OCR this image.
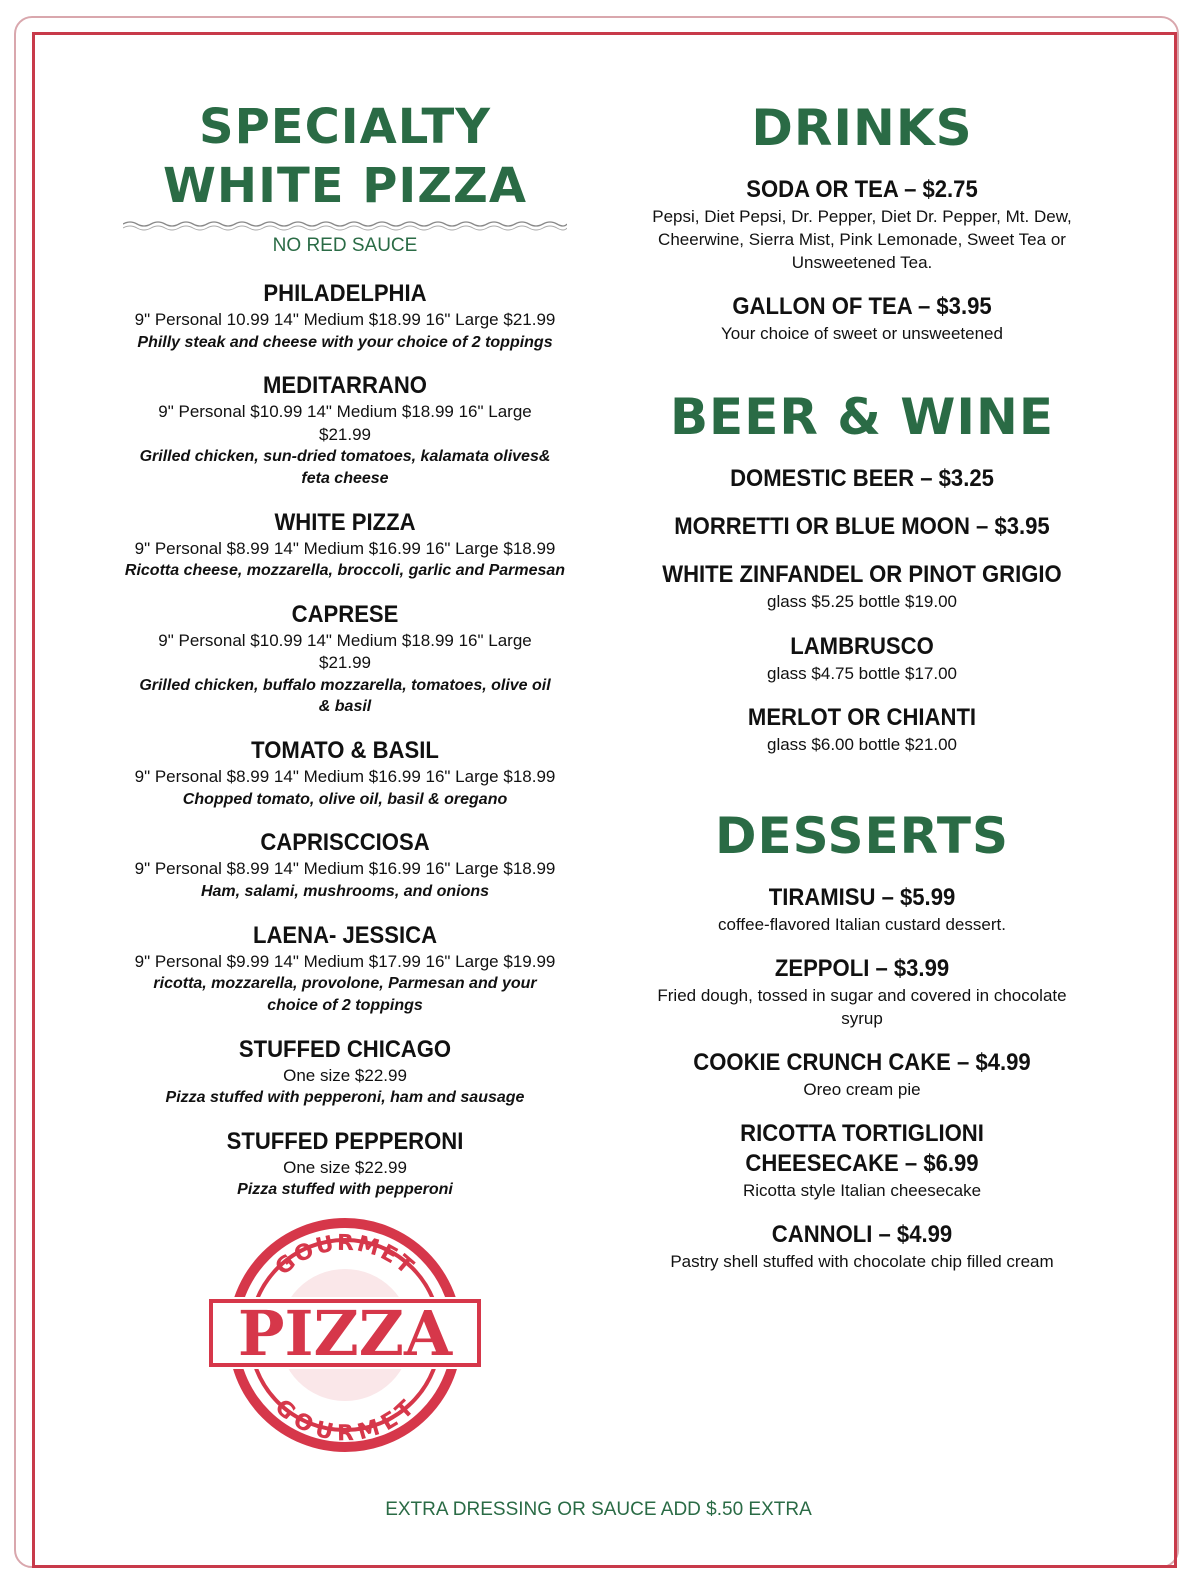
SPECIALTY
WHITE PIZZA

NO RED SAUCE

PHILADELPHIA

9" Personal 10.99 14" Medium $18.99 16" Large $21.99

Philly steak and cheese with your choice of 2 toppings

MEDITARRANO

9" Personal $10.99 14" Medium $18.99 16" Large $21.99

Grilled chicken, sun-dried tomatoes, kalamata olives& feta cheese

WHITE PIZZA

9" Personal $8.99 14" Medium $16.99 16" Large $18.99

Ricotta cheese, mozzarella, broccoli, garlic and Parmesan

CAPRESE

9" Personal $10.99 14" Medium $18.99 16" Large $21.99

Grilled chicken, buffalo mozzarella, tomatoes, olive oil & basil

TOMATO & BASIL

9" Personal $8.99 14" Medium $16.99 16" Large $18.99

Chopped tomato, olive oil, basil & oregano

CAPRISCCIOSA

9" Personal $8.99 14" Medium $16.99 16" Large $18.99

Ham, salami, mushrooms, and onions

LAENA- JESSICA

9" Personal $9.99 14" Medium $17.99 16" Large $19.99

ricotta, mozzarella, provolone, Parmesan and your choice of 2 toppings

STUFFED CHICAGO

One size $22.99

Pizza stuffed with pepperoni, ham and sausage

STUFFED PEPPERONI

One size $22.99

Pizza stuffed with pepperoni

GOURMET
GOURMET
PIZZA
DRINKS

SODA OR TEA – $2.75

Pepsi, Diet Pepsi, Dr. Pepper, Diet Dr. Pepper, Mt. Dew, Cheerwine, Sierra Mist, Pink Lemonade, Sweet Tea or Unsweetened Tea.

GALLON OF TEA – $3.95

Your choice of sweet or unsweetened

BEER & WINE

DOMESTIC BEER – $3.25

MORRETTI OR BLUE MOON – $3.95

WHITE ZINFANDEL OR PINOT GRIGIO

glass $5.25 bottle $19.00

LAMBRUSCO

glass $4.75 bottle $17.00

MERLOT OR CHIANTI

glass $6.00 bottle $21.00

DESSERTS

TIRAMISU – $5.99

coffee-flavored Italian custard dessert.

ZEPPOLI – $3.99

Fried dough, tossed in sugar and covered in chocolate syrup

COOKIE CRUNCH CAKE – $4.99

Oreo cream pie

RICOTTA TORTIGLIONI CHEESECAKE – $6.99

Ricotta style Italian cheesecake

CANNOLI – $4.99

Pastry shell stuffed with chocolate chip filled cream

EXTRA DRESSING OR SAUCE ADD $.50 EXTRA
